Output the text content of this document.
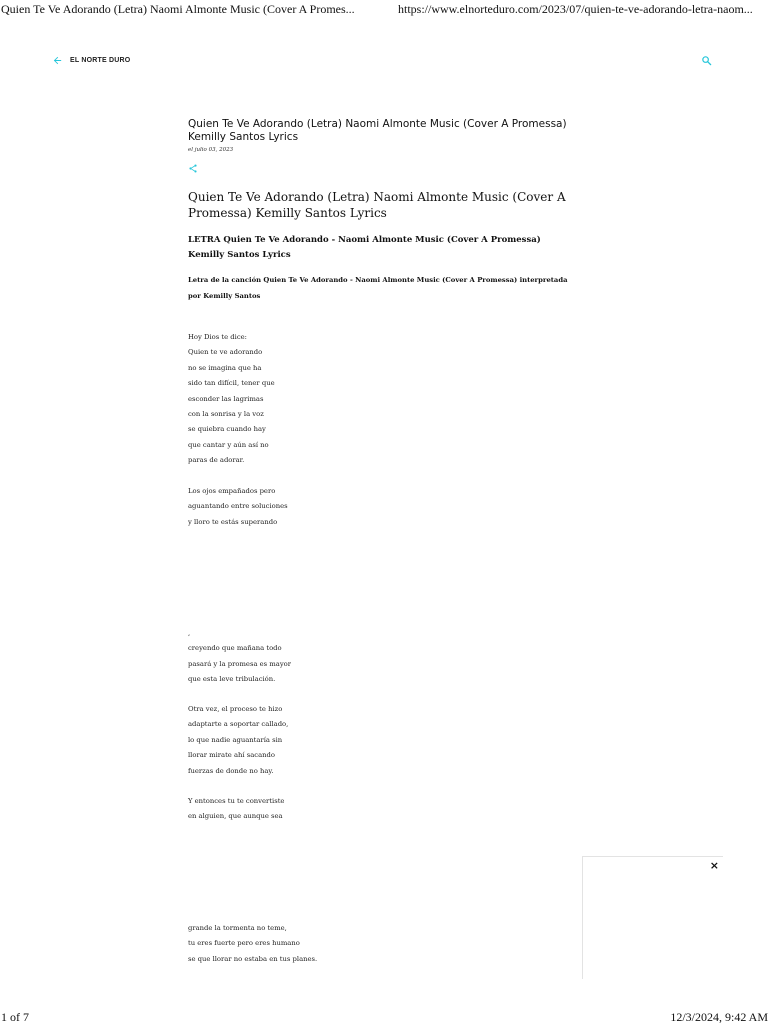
Quien Te Ve Adorando (Letra) Naomi Almonte Music (Cover A Promes...	https://www.elnorteduro.com/2023/07/quien-te-ve-adorando-letra-naom...
EL NORTE DURO
Quien Te Ve Adorando (Letra) Naomi Almonte Music (Cover A Promessa) Kemilly Santos Lyrics
el julio 03, 2023
Quien Te Ve Adorando (Letra) Naomi Almonte Music (Cover A Promessa) Kemilly Santos Lyrics
LETRA Quien Te Ve Adorando - Naomi Almonte Music (Cover A Promessa) Kemilly Santos Lyrics

Letra de la canción Quien Te Ve Adorando - Naomi Almonte Music (Cover A Promessa) interpretada por Kemilly Santos

Hoy Dios te dice:
Quien te ve adorando
no se imagina que ha
sido tan difícil, tener que
esconder las lagrimas
con la sonrisa y la voz
se quiebra cuando hay
que cantar y aún así no
paras de adorar.
Los ojos empañados pero
aguantando entre soluciones
y lloro te estás superando
,
creyendo que mañana todo
pasará y la promesa es mayor
que esta leve tribulación.
Otra vez, el proceso te hizo
adaptarte a soportar callado,
lo que nadie aguantaría sin
llorar mirate ahí sacando
fuerzas de donde no hay.
Y entonces tu te convertiste
en alguien, que aunque sea
grande la tormenta no teme,
tu eres fuerte pero eres humano
se que llorar no estaba en tus planes.
×
1 of 7	12/3/2024, 9:42 AM
